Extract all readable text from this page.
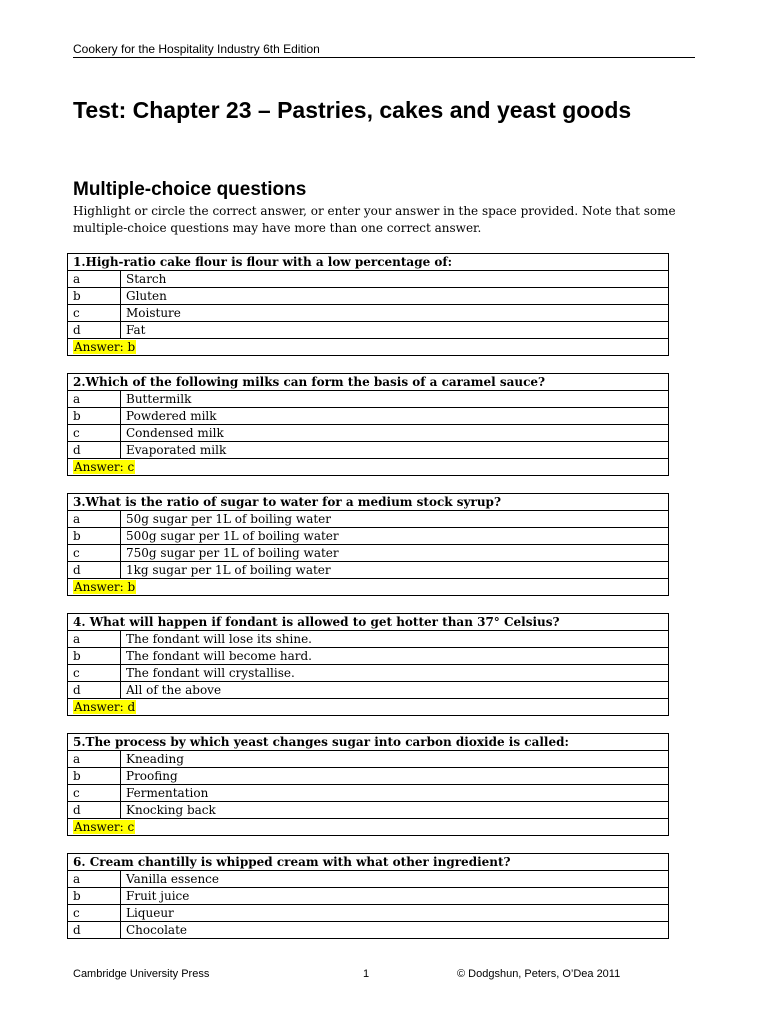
Cookery for the Hospitality Industry 6th Edition
Test: Chapter 23 – Pastries, cakes and yeast goods
Multiple-choice questions

Highlight or circle the correct answer, or enter your answer in the space provided. Note that some multiple-choice questions may have more than one correct answer.

1.High-ratio cake flour is flour with a low percentage of:	
a	Starch
b	Gluten
c	Moisture
d	Fat
Answer: b	
2.Which of the following milks can form the basis of a caramel sauce?	
a	Buttermilk
b	Powdered milk
c	Condensed milk
d	Evaporated milk
Answer: c	
3.What is the ratio of sugar to water for a medium stock syrup?	
a	50g sugar per 1L of boiling water
b	500g sugar per 1L of boiling water
c	750g sugar per 1L of boiling water
d	1kg sugar per 1L of boiling water
Answer: b	
4. What will happen if fondant is allowed to get hotter than 37° Celsius?	
a	The fondant will lose its shine.
b	The fondant will become hard.
c	The fondant will crystallise.
d	All of the above
Answer: d	
5.The process by which yeast changes sugar into carbon dioxide is called:	
a	Kneading
b	Proofing
c	Fermentation
d	Knocking back
Answer: c	
6. Cream chantilly is whipped cream with what other ingredient?	
a	Vanilla essence
b	Fruit juice
c	Liqueur
d	Chocolate
Cambridge University Press	1	© Dodgshun, Peters, O’Dea 2011
